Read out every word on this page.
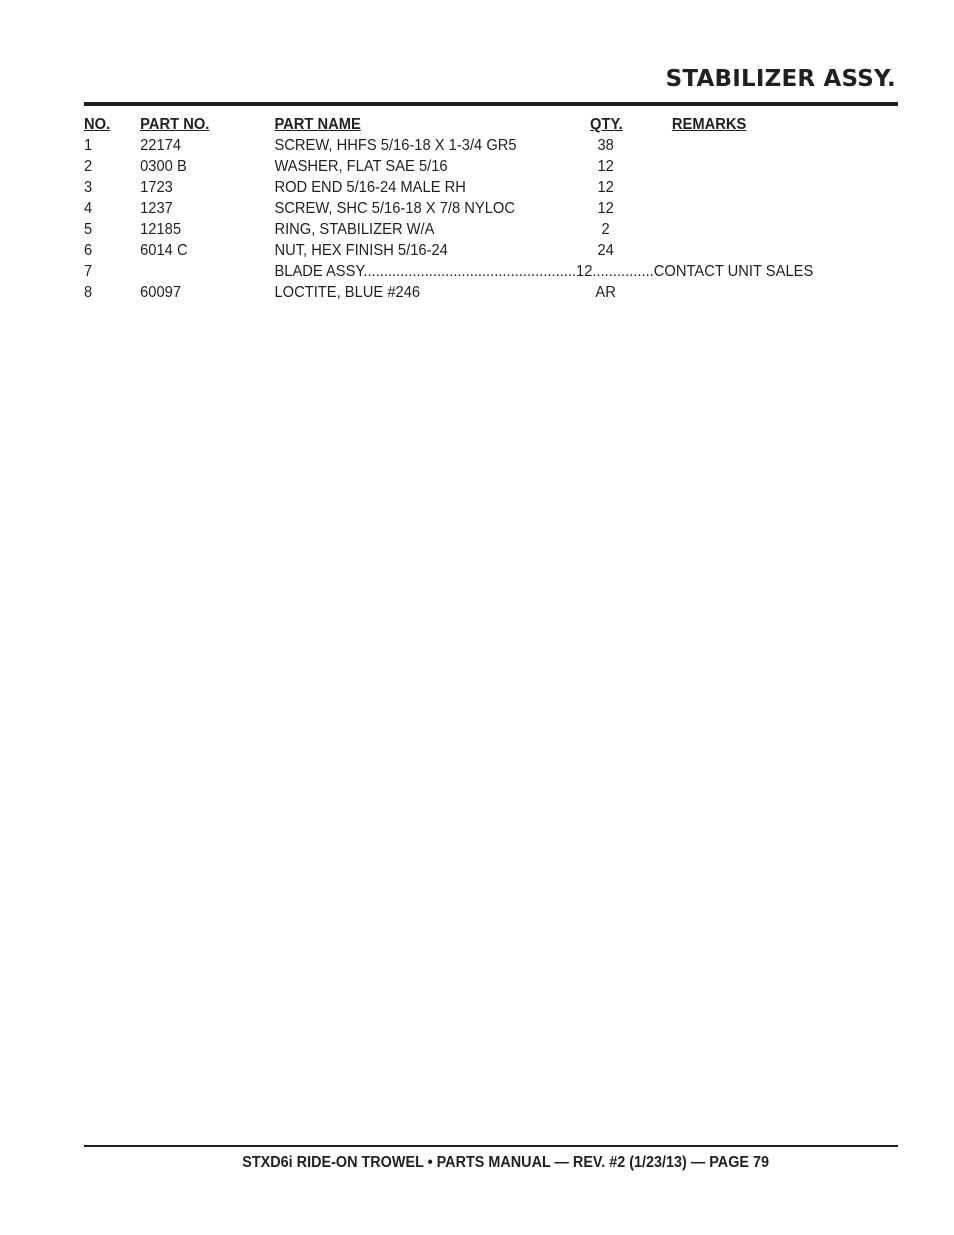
STABILIZER ASSY.
NO. PART NO.	PART NAME	QTY.	REMARKS
1	22174	SCREW, HHFS 5/16-18 X 1-3/4 GR5	38
2	0300 B	WASHER, FLAT SAE 5/16	12
3	1723	ROD END 5/16-24 MALE RH	12
4	1237	SCREW, SHC 5/16-18 X 7/8 NYLOC	12
5	12185	RING, STABILIZER W/A	2
6	6014 C	NUT, HEX FINISH 5/16-24	24
7	BLADE ASSY....................................................12...............CONTACT UNIT SALES
8	60097	LOCTITE, BLUE #246	AR
STXD6i RIDE-ON TROWEL • PARTS MANUAL — REV. #2 (1/23/13) — PAGE 79
